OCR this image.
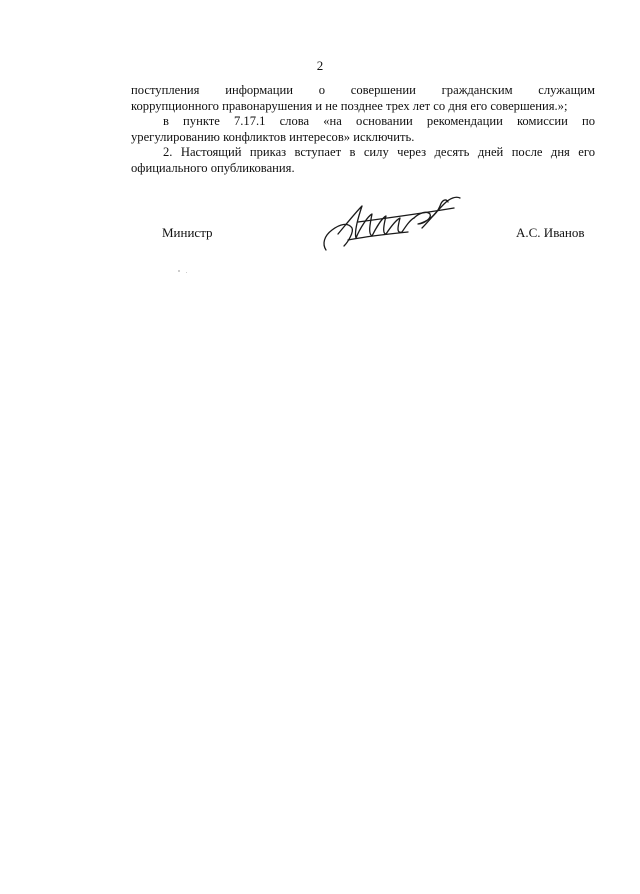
2

поступления информации о совершении гражданским служащим
коррупционного правонарушения и не позднее трех лет со дня его совершения.»;

в пункте 7.17.1 слова «на основании рекомендации комиссии по
урегулированию конфликтов интересов» исключить.

2. Настоящий приказ вступает в силу через десять дней после дня его
официального опубликования.

Министр	А.С. Иванов
